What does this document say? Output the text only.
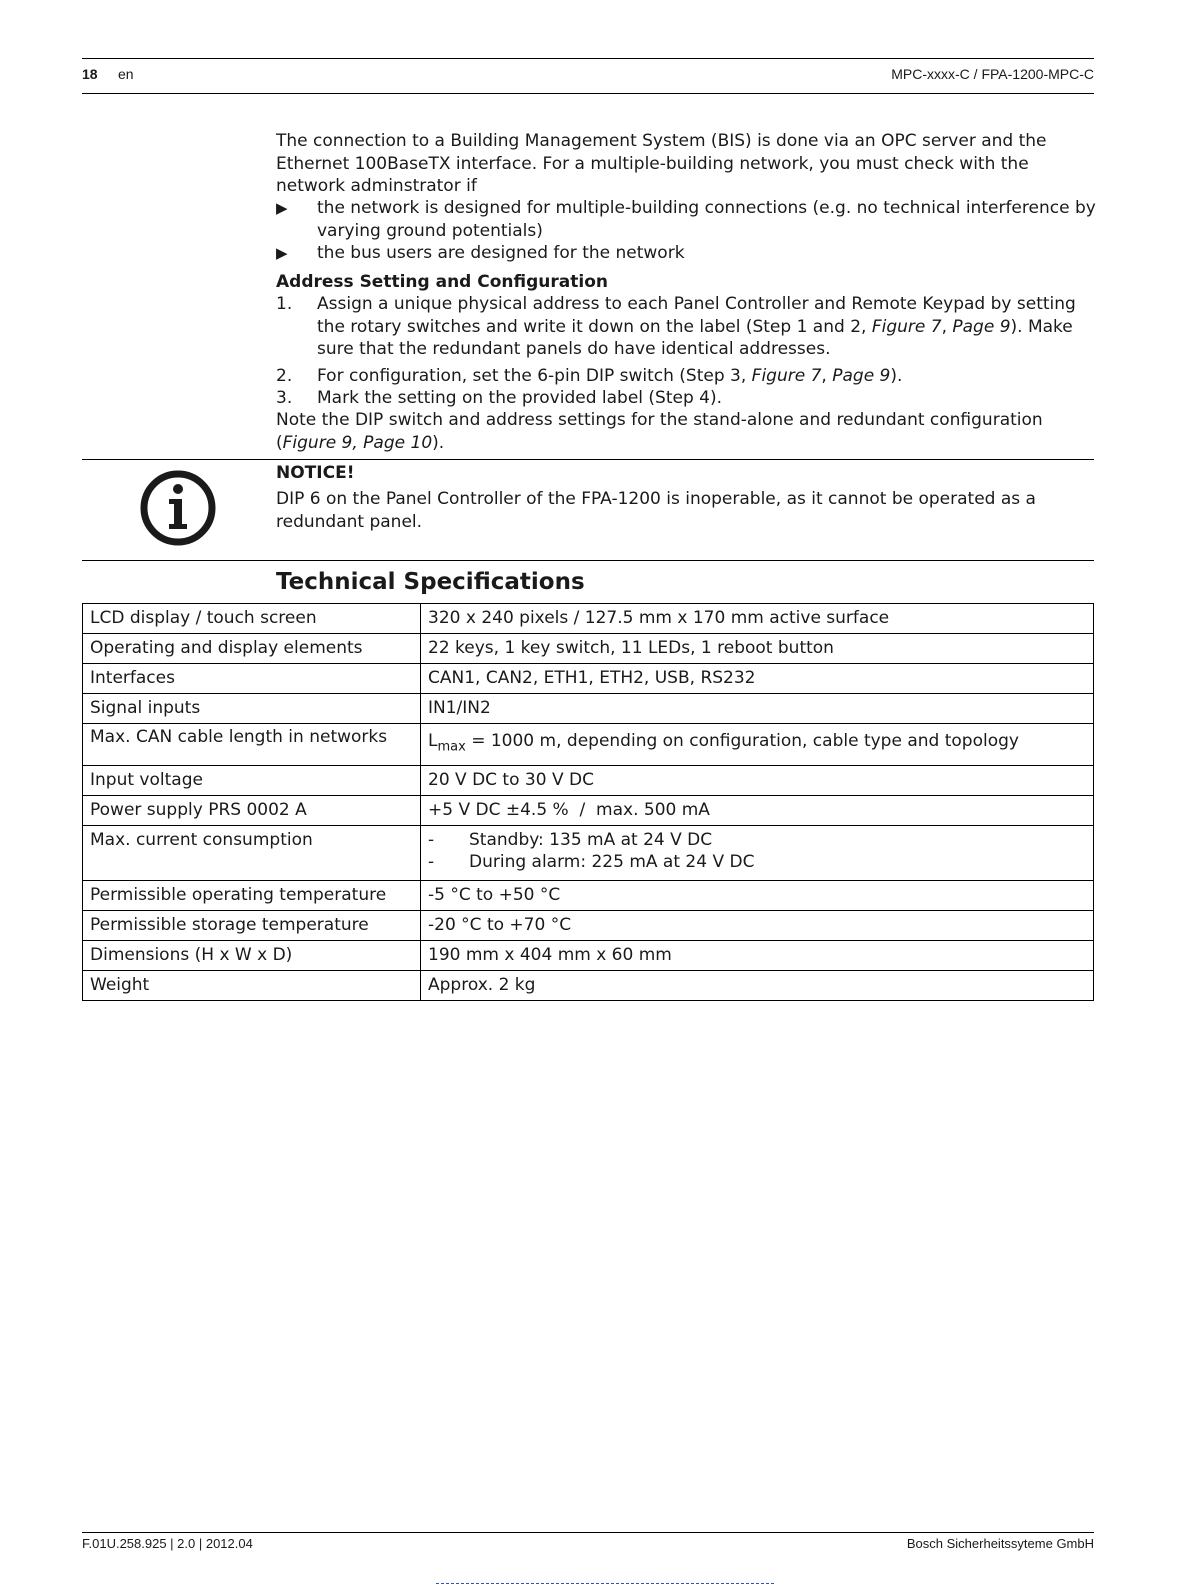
18 en	MPC-xxxx-C / FPA-1200-MPC-C

The connection to a Building Management System (BIS) is done via an OPC server and the Ethernet 100BaseTX interface. For a multiple-building network, you must check with the network adminstrator if

▶ the network is designed for multiple-building connections (e.g. no technical interference by varying ground potentials)
▶ the bus users are designed for the network
Address Setting and Configuration
1. Assign a unique physical address to each Panel Controller and Remote Keypad by setting the rotary switches and write it down on the label (Step 1 and 2, Figure 7, Page 9). Make sure that the redundant panels do have identical addresses.
2. For configuration, set the 6-pin DIP switch (Step 3, Figure 7, Page 9).
3. Mark the setting on the provided label (Step 4).

Note the DIP switch and address settings for the stand-alone and redundant configuration (Figure 9, Page 10).

NOTICE!

DIP 6 on the Panel Controller of the FPA-1200 is inoperable, as it cannot be operated as a redundant panel.

Technical Specifications
LCD display / touch screen	320 x 240 pixels / 127.5 mm x 170 mm active surface
Operating and display elements	22 keys, 1 key switch, 11 LEDs, 1 reboot button
Interfaces	CAN1, CAN2, ETH1, ETH2, USB, RS232
Signal inputs	IN1/IN2
Max. CAN cable length in networks	$L_{max} = 1000$ m, depending on configuration, cable type and topology
Input voltage	20 V DC to 30 V DC
Power supply PRS 0002 A	+5 V DC ±4.5 %  /  max. 500 mA
Max. current consumption	- Standby: 135 mA at 24 V DC
- During alarm: 225 mA at 24 V DC

Permissible operating temperature	-5 °C to +50 °C
Permissible storage temperature	-20 °C to +70 °C
Dimensions (H x W x D)	190 mm x 404 mm x 60 mm
Weight	Approx. 2 kg
F.01U.258.925 | 2.0 | 2012.04	Bosch Sicherheitssyteme GmbH
